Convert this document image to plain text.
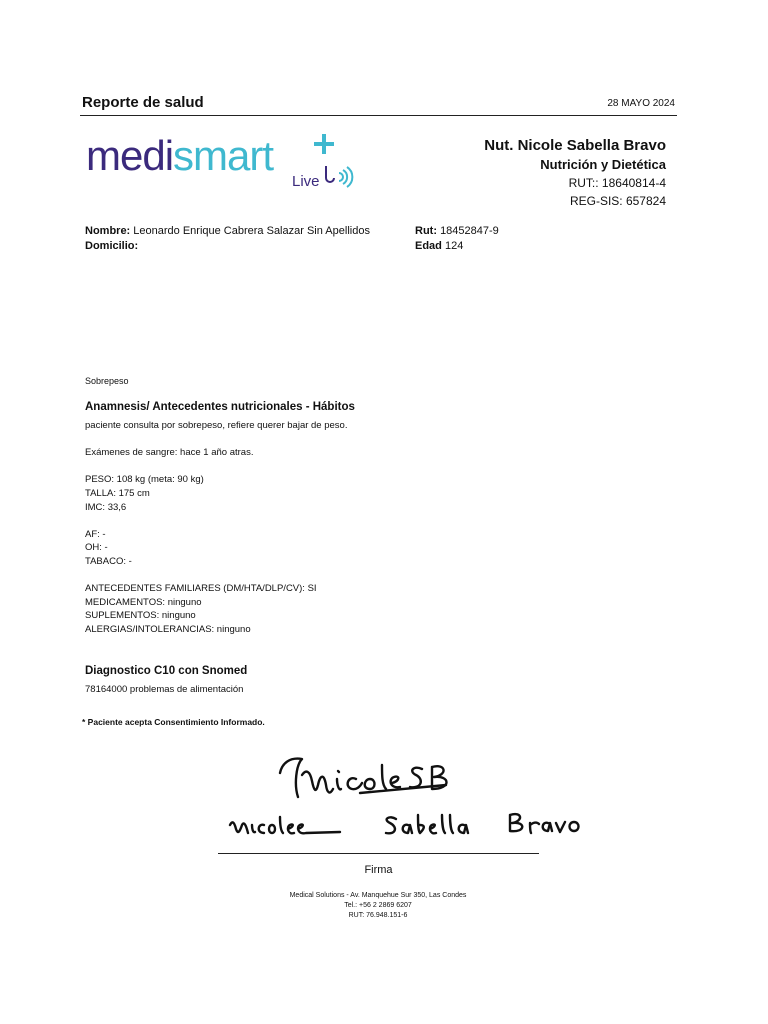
Reporte de salud	28 MAYO 2024
medismart
Live
Nut. Nicole Sabella Bravo
Nutrición y Dietética
RUT:: 18640814-4
REG-SIS: 657824
Nombre: Leonardo Enrique Cabrera Salazar Sin Apellidos
Domicilio:
Rut: 18452847-9
Edad 124
Sobrepeso
Anamnesis/ Antecedentes nutricionales - Hábitos
paciente consulta por sobrepeso, refiere querer bajar de peso.
Exámenes de sangre: hace 1 año atras.
PESO: 108 kg (meta: 90 kg)
TALLA: 175 cm
IMC: 33,6
AF: -
OH: -
TABACO: -
ANTECEDENTES FAMILIARES (DM/HTA/DLP/CV): SI
MEDICAMENTOS: ninguno
SUPLEMENTOS: ninguno
ALERGIAS/INTOLERANCIAS: ninguno
Diagnostico C10 con Snomed
78164000 problemas de alimentación
* Paciente acepta Consentimiento Informado.
Firma
Medical Solutions - Av. Manquehue Sur 350, Las Condes
Tel.: +56 2 2869 6207
RUT: 76.948.151-6
